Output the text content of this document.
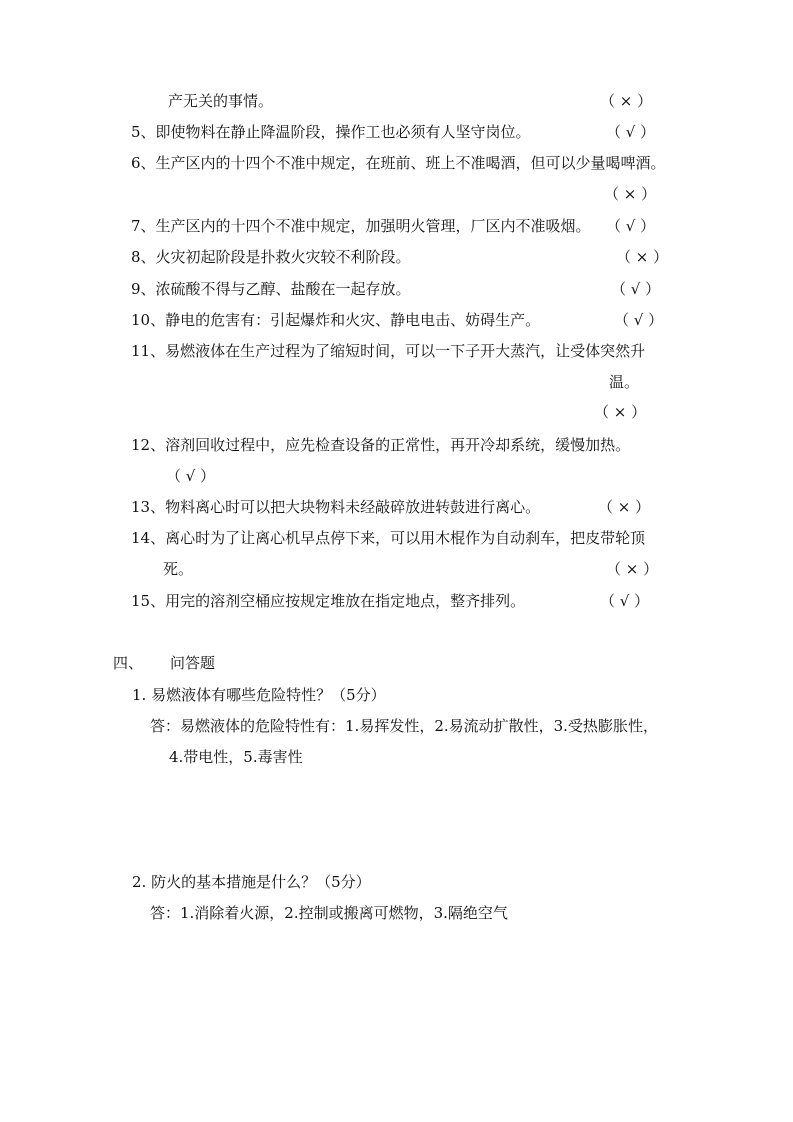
产无关的事情。	（ × ）
5、即使物料在静止降温阶段，操作工也必须有人坚守岗位。	（ √ ）
6、生产区内的十四个不准中规定，在班前、班上不准喝酒，但可以少量喝啤酒。
（ × ）
7、生产区内的十四个不准中规定，加强明火管理，厂区内不准吸烟。 （ √ ）
8、火灾初起阶段是扑救火灾较不利阶段。	（ × ）
9、浓硫酸不得与乙醇、盐酸在一起存放。	（ √ ）
10、静电的危害有：引起爆炸和火灾、静电电击、妨碍生产。	（ √ ）
11、易燃液体在生产过程为了缩短时间，可以一下子开大蒸汽，让受体突然升
温。
（ × ）
12、溶剂回收过程中，应先检查设备的正常性，再开冷却系统，缓慢加热。
（ √ ）
13、物料离心时可以把大块物料未经敲碎放进转鼓进行离心。	（ × ）
14、离心时为了让离心机早点停下来，可以用木棍作为自动刹车，把皮带轮顶
死。	（ × ）
15、用完的溶剂空桶应按规定堆放在指定地点，整齐排列。	（ √ ）
四、 问答题
1. 易燃液体有哪些危险特性？（5分）
答：易燃液体的危险特性有：1.易挥发性，2.易流动扩散性，3.受热膨胀性，
4.带电性，5.毒害性
2. 防火的基本措施是什么？（5分）
答：1.消除着火源，2.控制或搬离可燃物，3.隔绝空气
